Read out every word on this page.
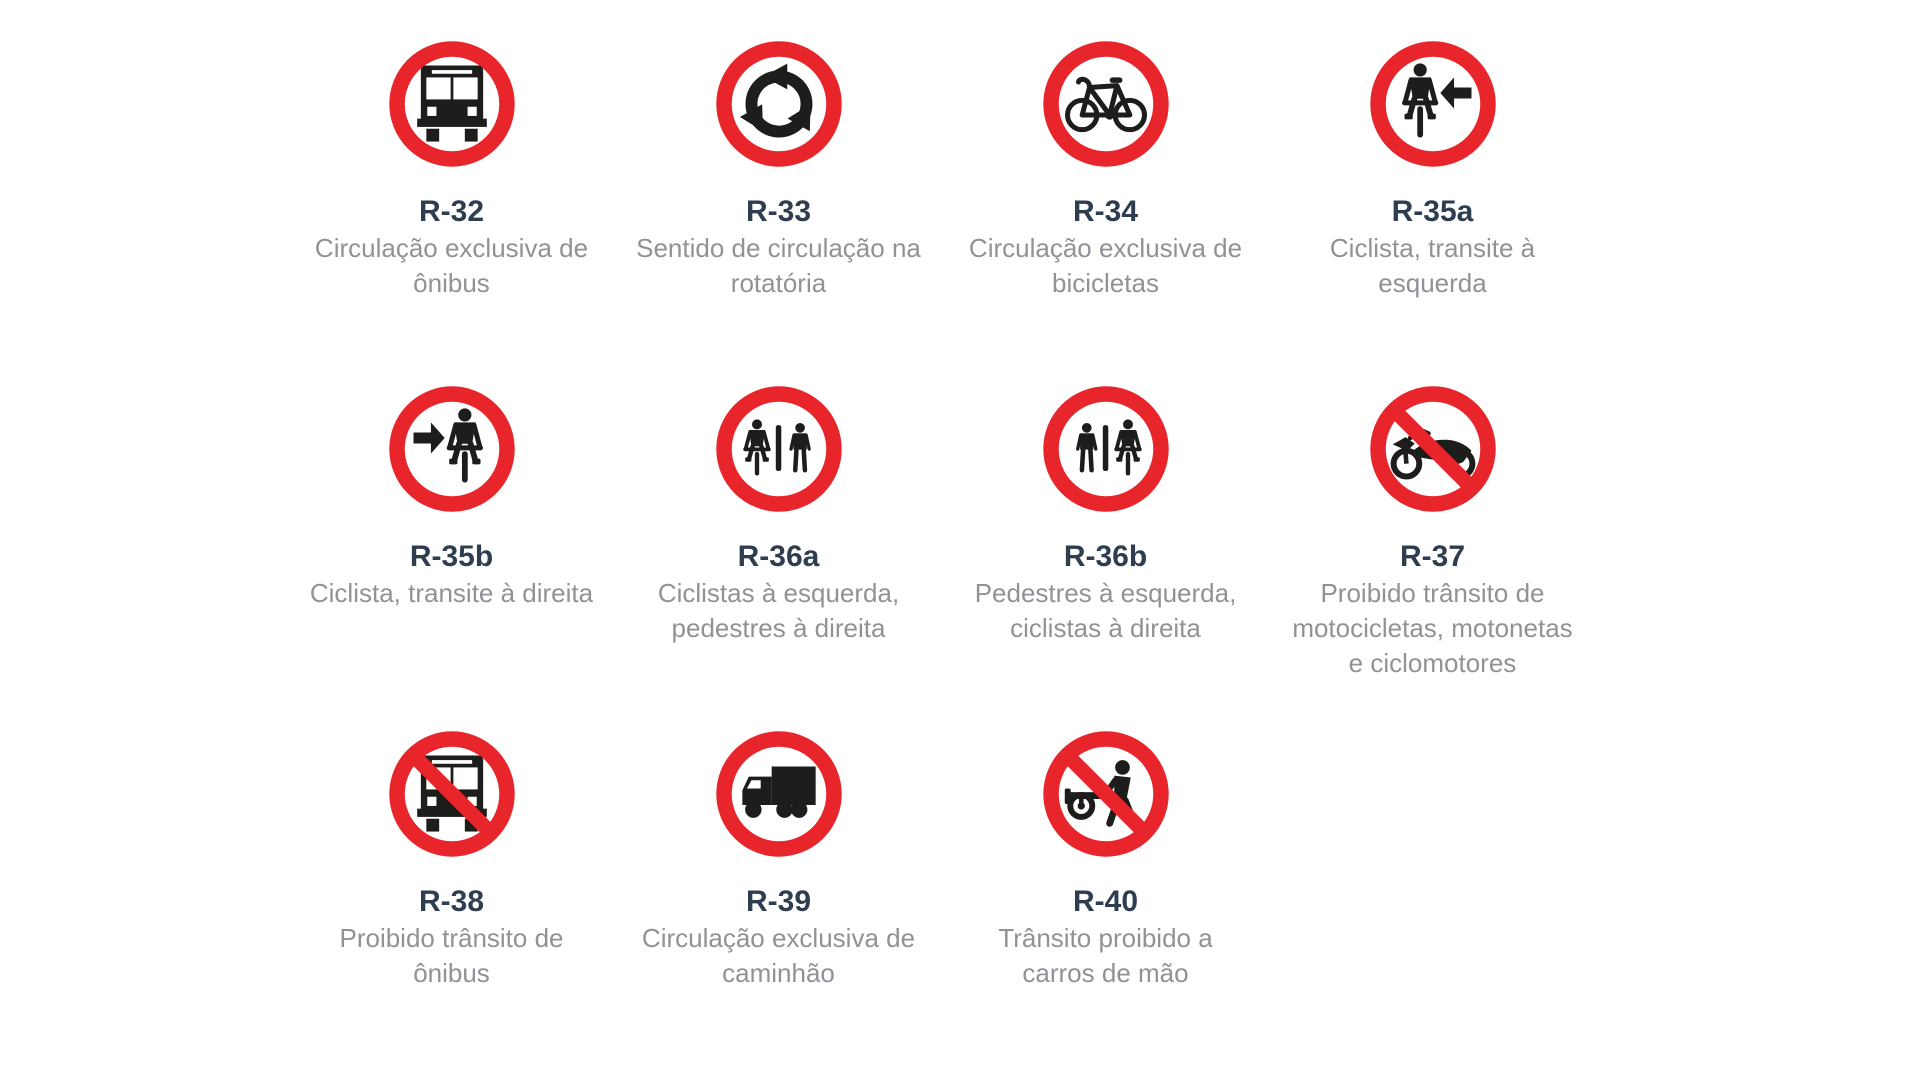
R-32
Circulação exclusiva de
ônibus
R-33
Sentido de circulação na
rotatória
R-34
Circulação exclusiva de
bicicletas
R-35a
Ciclista, transite à
esquerda
R-35b
Ciclista, transite à direita
R-36a
Ciclistas à esquerda,
pedestres à direita
R-36b
Pedestres à esquerda,
ciclistas à direita
R-37
Proibido trânsito de
motocicletas, motonetas
e ciclomotores
R-38
Proibido trânsito de
ônibus
R-39
Circulação exclusiva de
caminhão
R-40
Trânsito proibido a
carros de mão
